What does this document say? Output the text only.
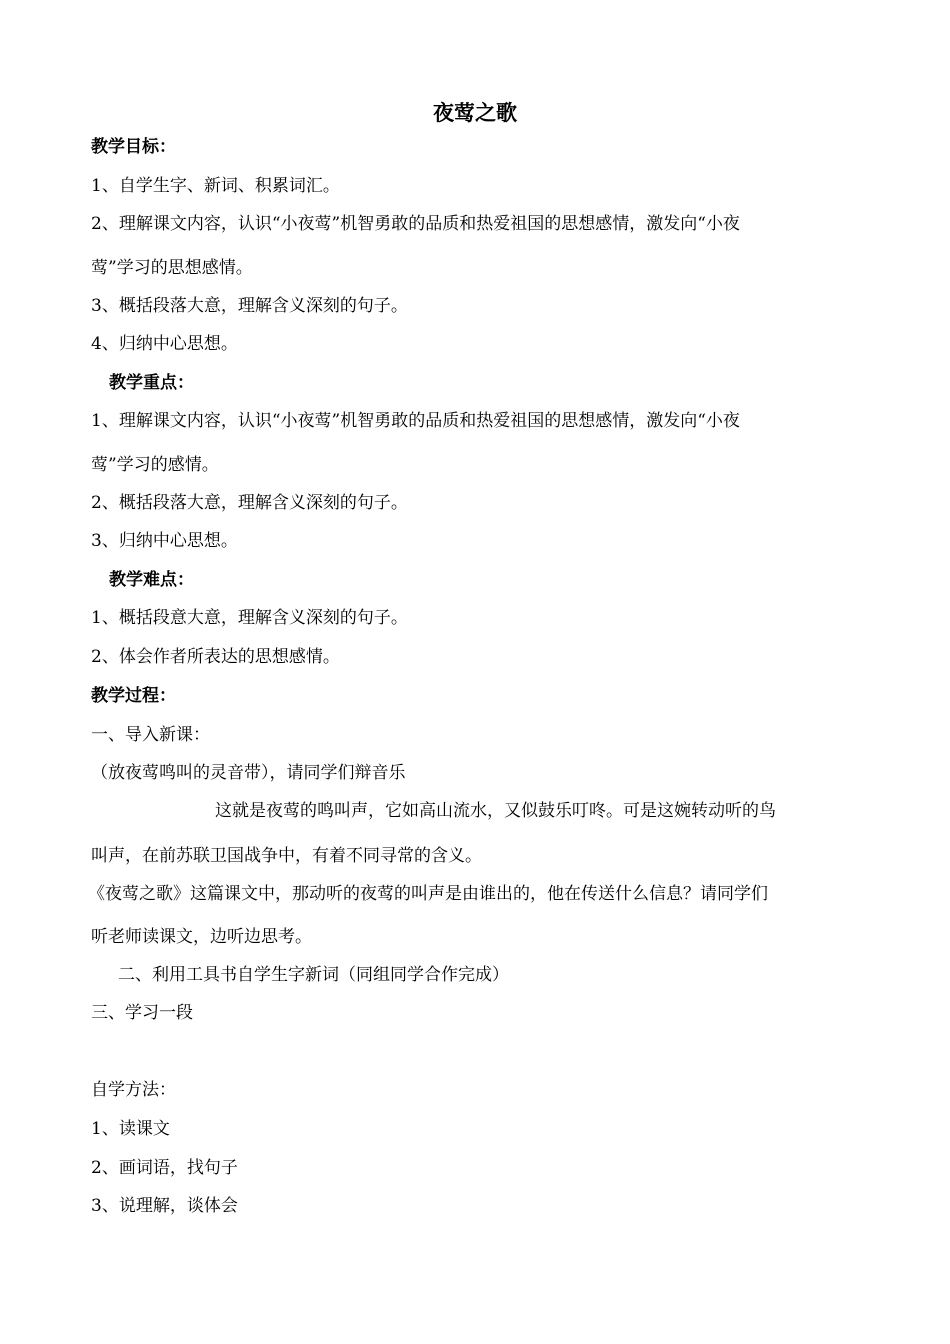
夜莺之歌
教学目标：
1、自学生字、新词、积累词汇。
2、理解课文内容，认识“小夜莺”机智勇敢的品质和热爱祖国的思想感情，激发向“小夜
莺”学习的思想感情。
3、概括段落大意，理解含义深刻的句子。
4、归纳中心思想。
教学重点：
1、理解课文内容，认识“小夜莺”机智勇敢的品质和热爱祖国的思想感情，激发向“小夜
莺”学习的感情。
2、概括段落大意，理解含义深刻的句子。
3、归纳中心思想。
教学难点：
1、概括段意大意，理解含义深刻的句子。
2、体会作者所表达的思想感情。
教学过程：
一、导入新课：
（放夜莺鸣叫的灵音带），请同学们辩音乐
这就是夜莺的鸣叫声，它如高山流水，又似鼓乐叮咚。可是这婉转动听的鸟
叫声，在前苏联卫国战争中，有着不同寻常的含义。
《夜莺之歌》这篇课文中，那动听的夜莺的叫声是由谁出的，他在传送什么信息？请同学们
听老师读课文，边听边思考。
二、利用工具书自学生字新词（同组同学合作完成）
三、学习一段
自学方法：
1、读课文
2、画词语，找句子
3、说理解，谈体会
